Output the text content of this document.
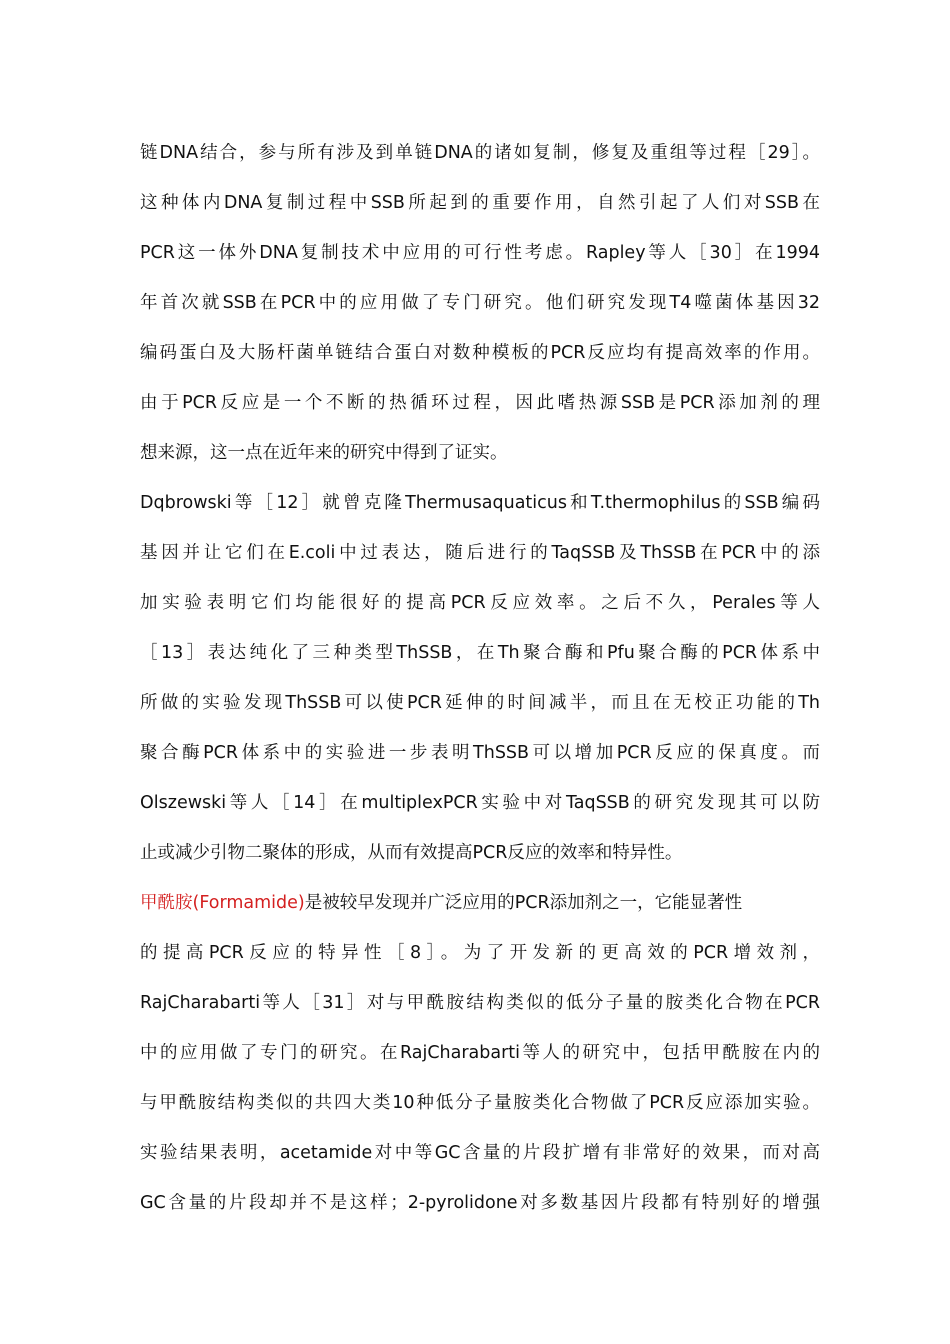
链DNA结合，参与所有涉及到单链DNA的诸如复制，修复及重组等过程［29］。
这种体内DNA复制过程中SSB所起到的重要作用，自然引起了人们对SSB在
PCR这一体外DNA复制技术中应用的可行性考虑。Rapley等人［30］在1994
年首次就SSB在PCR中的应用做了专门研究。他们研究发现T4噬菌体基因32
编码蛋白及大肠杆菌单链结合蛋白对数种模板的PCR反应均有提高效率的作用。
由于PCR反应是一个不断的热循环过程，因此嗜热源SSB是PCR添加剂的理
想来源，这一点在近年来的研究中得到了证实。
Dqbrowski等［12］就曾克隆Thermusaquaticus和T.thermophilus的SSB编码
基因并让它们在E.coli中过表达，随后进行的TaqSSB及ThSSB在PCR中的添
加实验表明它们均能很好的提高PCR反应效率。之后不久，Perales等人
［13］表达纯化了三种类型ThSSB，在Th聚合酶和Pfu聚合酶的PCR体系中
所做的实验发现ThSSB可以使PCR延伸的时间减半，而且在无校正功能的Th
聚合酶PCR体系中的实验进一步表明ThSSB可以增加PCR反应的保真度。而
Olszewski等人［14］在multiplexPCR实验中对TaqSSB的研究发现其可以防
止或减少引物二聚体的形成，从而有效提高PCR反应的效率和特异性。
甲酰胺(Formamide)是被较早发现并广泛应用的PCR添加剂之一，它能显著性
的提高PCR反应的特异性［8］。为了开发新的更高效的PCR增效剂，
RajCharabarti等人［31］对与甲酰胺结构类似的低分子量的胺类化合物在PCR
中的应用做了专门的研究。在RajCharabarti等人的研究中，包括甲酰胺在内的
与甲酰胺结构类似的共四大类10种低分子量胺类化合物做了PCR反应添加实验。
实验结果表明，acetamide对中等GC含量的片段扩增有非常好的效果，而对高
GC含量的片段却并不是这样；2-pyrolidone对多数基因片段都有特别好的增强
